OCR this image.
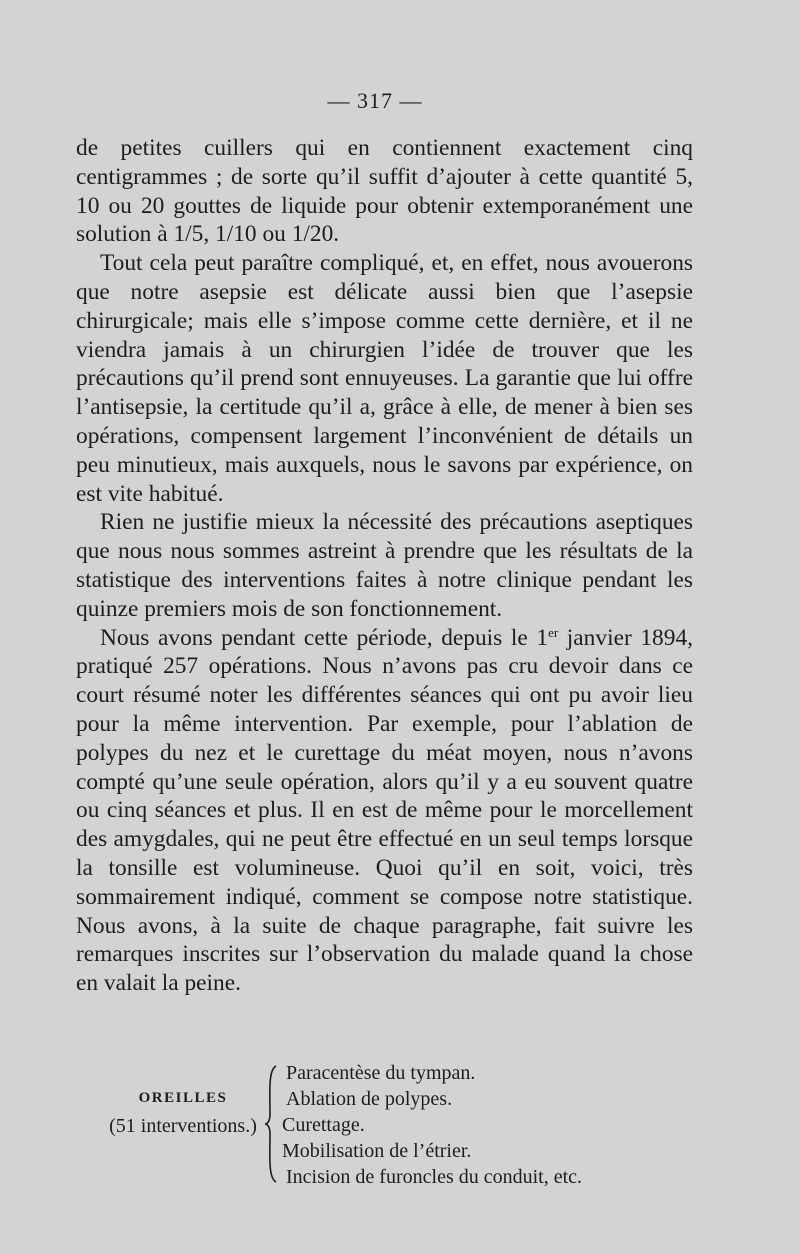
— 317 —

de petites cuillers qui en contiennent exactement cinq centigrammes ; de sorte qu’il suffit d’ajouter à cette quantité 5, 10 ou 20 gouttes de liquide pour obtenir extemporanément une solution à 1/5, 1/10 ou 1/20.

Tout cela peut paraître compliqué, et, en effet, nous avouerons que notre asepsie est délicate aussi bien que l’asepsie chirurgicale; mais elle s’impose comme cette dernière, et il ne viendra jamais à un chirurgien l’idée de trouver que les précautions qu’il prend sont ennuyeuses. La garantie que lui offre l’antisepsie, la certitude qu’il a, grâce à elle, de mener à bien ses opérations, compensent largement l’inconvénient de détails un peu minutieux, mais auxquels, nous le savons par expérience, on est vite habitué.

Rien ne justifie mieux la nécessité des précautions aseptiques que nous nous sommes astreint à prendre que les résultats de la statistique des interventions faites à notre clinique pendant les quinze premiers mois de son fonctionnement.

Nous avons pendant cette période, depuis le 1er janvier 1894, pratiqué 257 opérations. Nous n’avons pas cru devoir dans ce court résumé noter les différentes séances qui ont pu avoir lieu pour la même intervention. Par exemple, pour l’ablation de polypes du nez et le curettage du méat moyen, nous n’avons compté qu’une seule opération, alors qu’il y a eu souvent quatre ou cinq séances et plus. Il en est de même pour le morcellement des amygdales, qui ne peut être effectué en un seul temps lorsque la tonsille est volumineuse. Quoi qu’il en soit, voici, très sommairement indiqué, comment se compose notre statistique. Nous avons, à la suite de chaque paragraphe, fait suivre les remarques inscrites sur l’observation du malade quand la chose en valait la peine.

OREILLES
(51 interventions.)
Paracentèse du tympan.
Ablation de polypes.
Curettage.
Mobilisation de l’étrier.
Incision de furoncles du conduit, etc.
